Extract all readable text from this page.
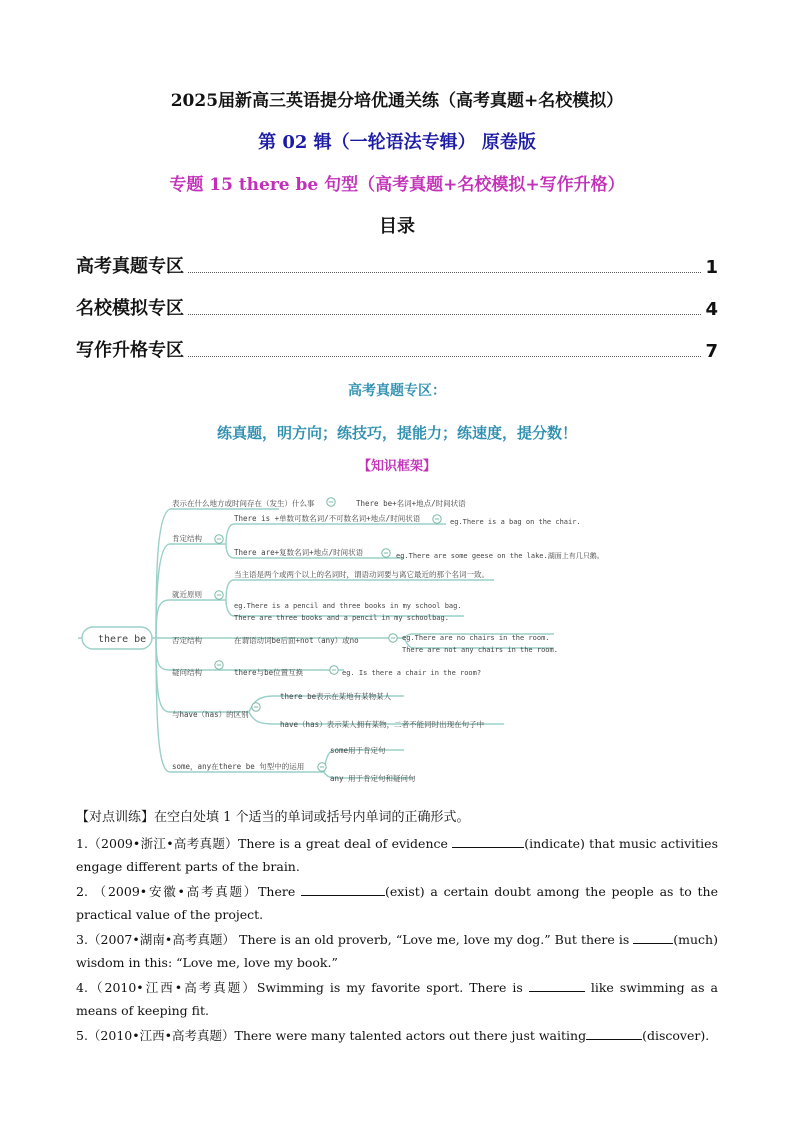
2025届新高三英语提分培优通关练（高考真题+名校模拟）
第 02 辑（一轮语法专辑） 原卷版
专题 15 there be 句型（高考真题+名校模拟+写作升格）
目录
高考真题专区	1
名校模拟专区	4
写作升格专区	7
高考真题专区：
练真题，明方向；练技巧，提能力；练速度，提分数！
【知识框架】
there be
表示在什么地方或时间存在（发生）什么事	There be+名词+地点/时间状语
肯定结构
There is +单数可数名词/不可数名词+地点/时间状语
There are+复数名词+地点/时间状语
eg.There is a bag on the chair.
eg.There are some geese on the lake.湖面上有几只鹅。
就近原则
当主语是两个或两个以上的名词时，谓语动词要与离它最近的那个名词一致。
eg.There is a pencil and three books in my school bag.
There are three books and a pencil in my schoolbag.
否定结构	在谓语动词be后面+not（any）或no	eg.There are no chairs in the room.
There are not any chairs in the room.
疑问结构	there与be位置互换	eg. Is there a chair in the room?
与have（has）的区别
there be表示在某地有某物某人
have（has）表示某人拥有某物，二者不能同时出现在句子中
some，any在there be 句型中的运用
some用于肯定句
any 用于肯定句和疑问句
【对点训练】在空白处填 1 个适当的单词或括号内单词的正确形式。
1.（2009•浙江•高考真题）There is a great deal of evidence	(indicate) that music activities engage different parts of the brain.
2. （2009•安徽•高考真题）There	(exist) a certain doubt among the people as to the practical value of the project.
3.（2007•湖南•高考真题） There is an old proverb, “Love me, love my dog.” But there is	(much) wisdom in this: “Love me, love my book.”
4.（2010•江西•高考真题）Swimming is my favorite sport. There is	like swimming as a means of keeping fit.
5.（2010•江西•高考真题）There were many talented actors out there just waiting	(discover).
